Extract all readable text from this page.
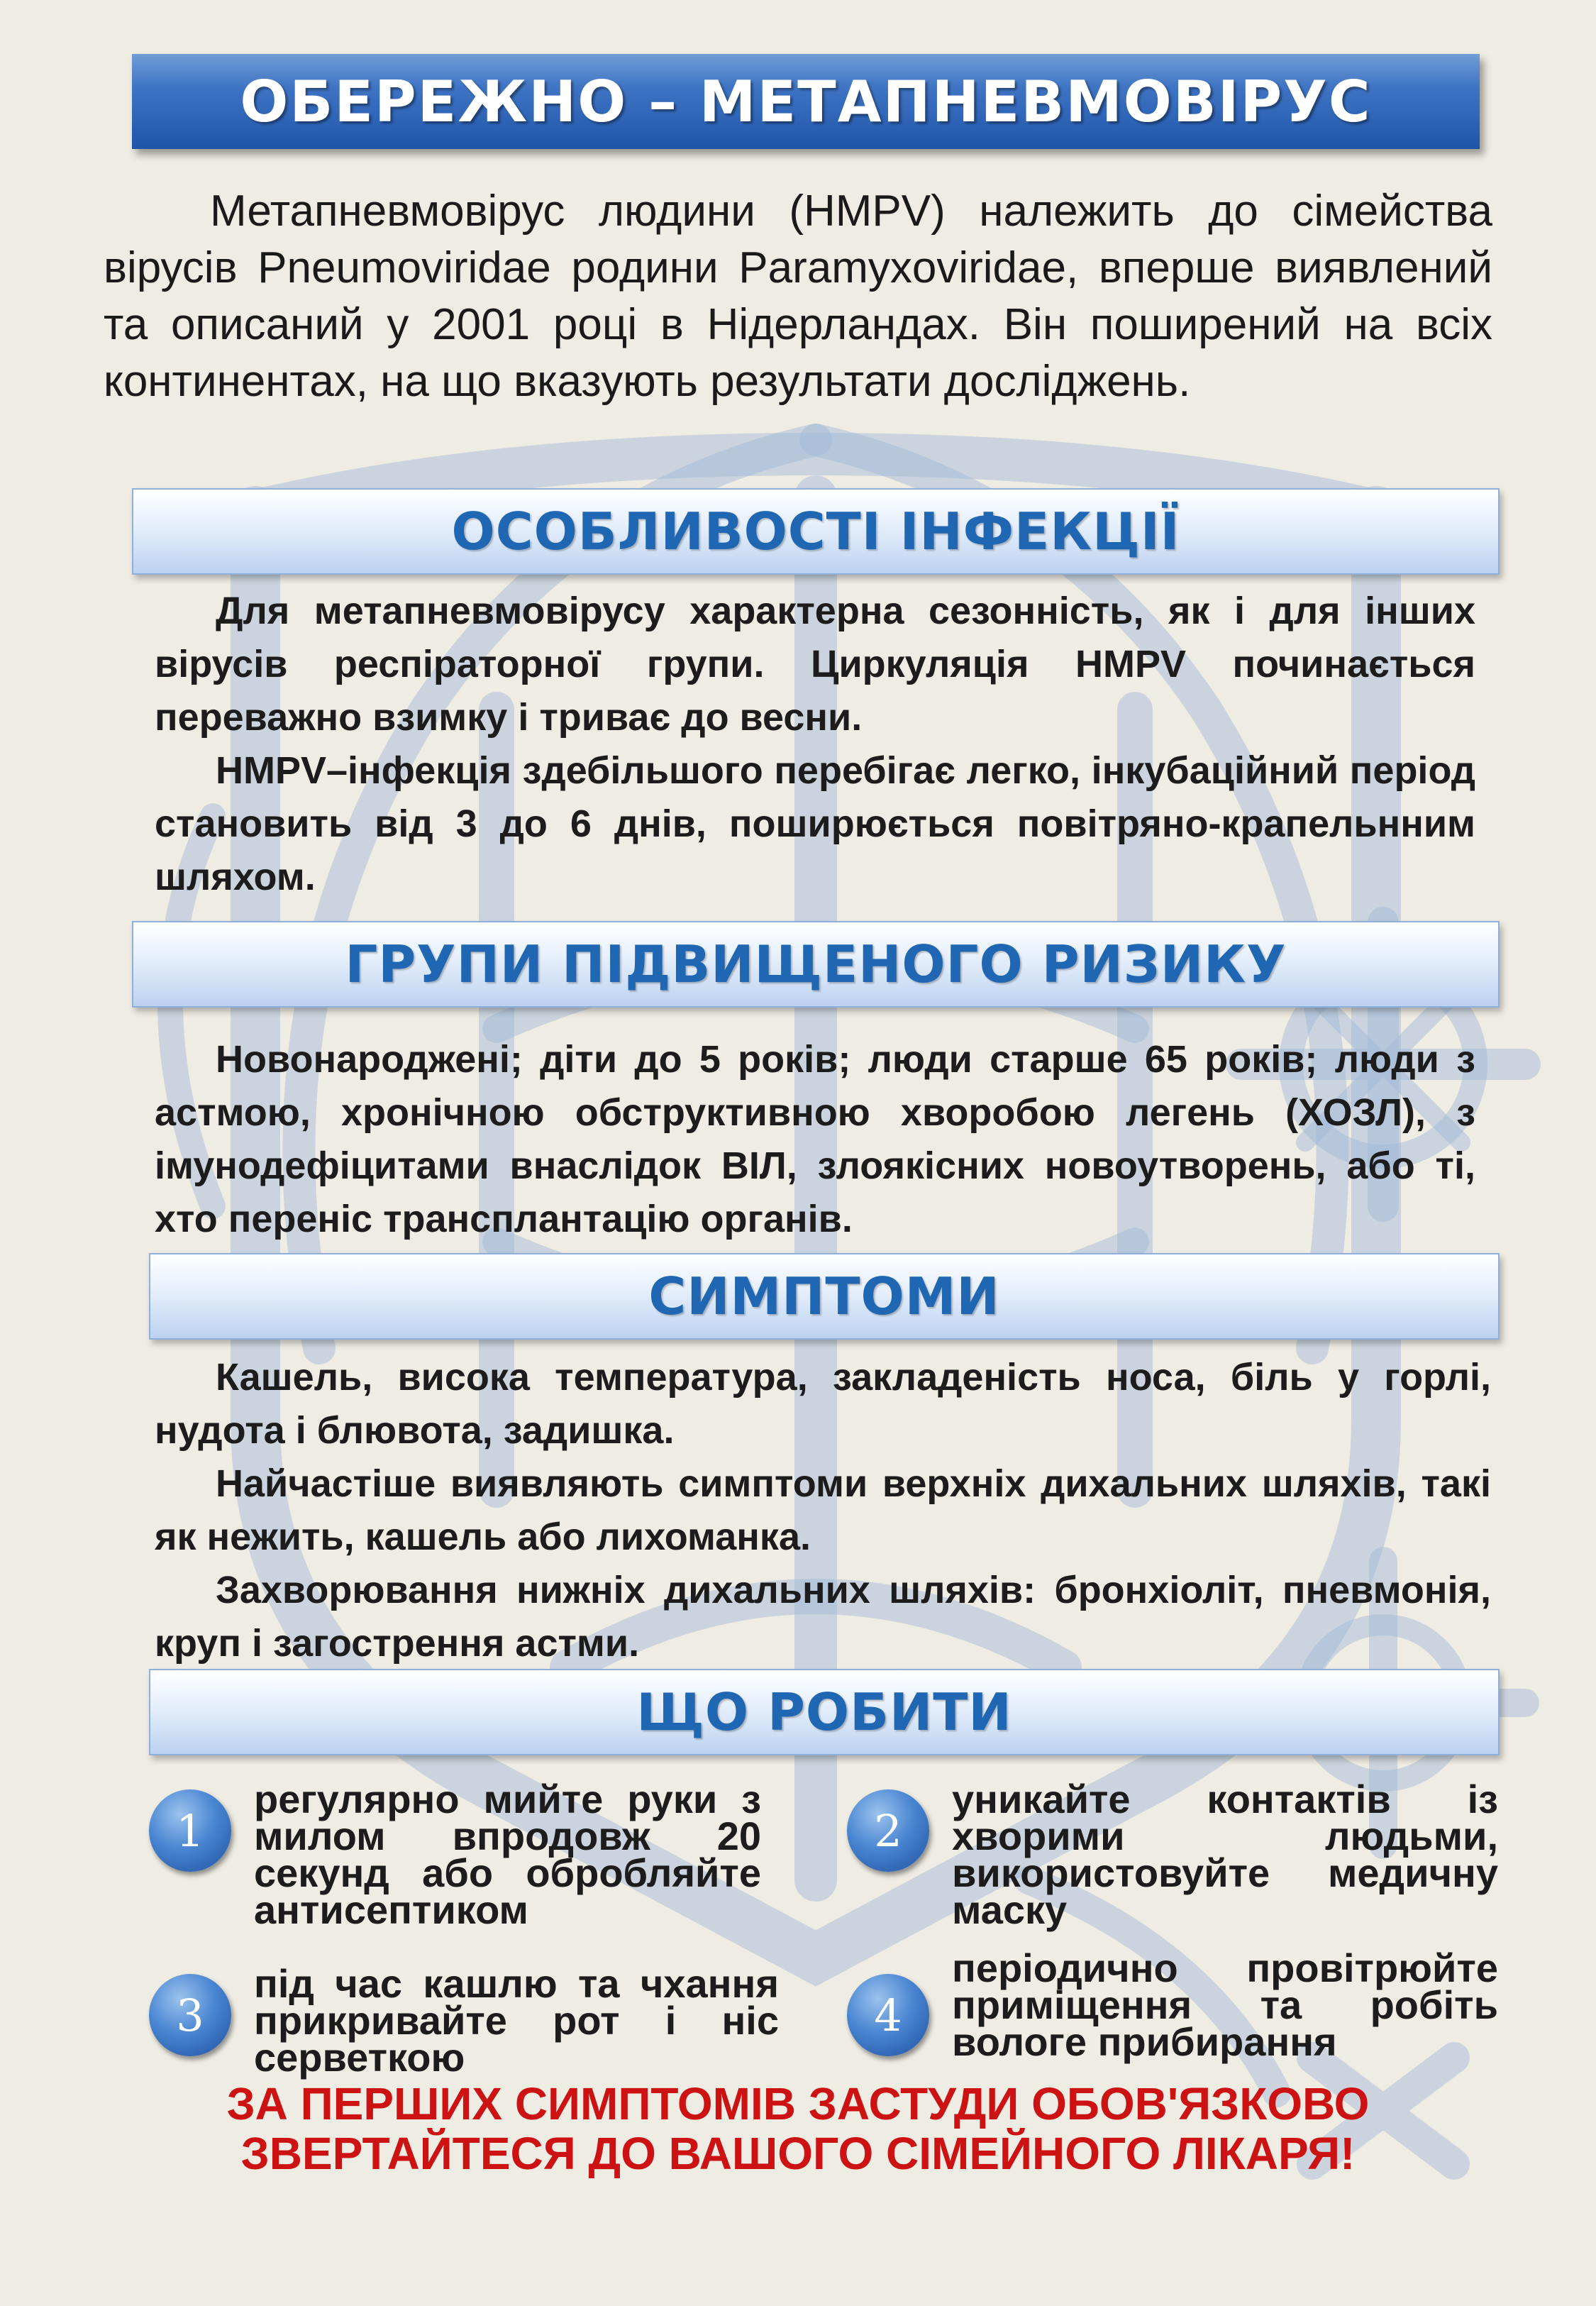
ОБЕРЕЖНО – МЕТАПНЕВМОВІРУС

Метапневмовірус людини (HMPV) належить до сімейства вірусів Pneumoviridae родини Paramyxoviridae, вперше виявлений та описаний у 2001 році в Нідерландах. Він поширений на всіх континентах, на що вказують результати досліджень.

ОСОБЛИВОСТІ ІНФЕКЦІЇ

Для метапневмовірусу характерна сезонність, як і для інших вірусів респіраторної групи. Циркуляція HMPV починається переважно взимку і триває до весни.

HMPV–інфекція здебільшого перебігає легко, інкубаційний період становить від 3 до 6 днів, поширюється повітряно-крапельнним шляхом.

ГРУПИ ПІДВИЩЕНОГО РИЗИКУ

Новонароджені; діти до 5 років; люди старше 65 років; люди з астмою, хронічною обструктивною хворобою легень (ХОЗЛ), з імунодефіцитами внаслідок ВІЛ, злоякісних новоутворень, або ті, хто переніс трансплантацію органів.

СИМПТОМИ

Кашель, висока температура, закладеність носа, біль у горлі, нудота і блювота, задишка.

Найчастіше виявляють симптоми верхніх дихальних шляхів, такі як нежить, кашель або лихоманка.

Захворювання нижніх дихальних шляхів: бронхіоліт, пневмонія, круп і загострення астми.

ЩО РОБИТИ
1
регулярно мийте руки з милом впродовж 20 секунд або обробляйте антисептиком
2
уникайте контактів із хворими людьми, використовуйте медичну маску
3
під час кашлю та чхання прикривайте рот і ніс серветкою
4
періодично провітрюйте приміщення та робіть вологе прибирання
ЗА ПЕРШИХ СИМПТОМІВ ЗАСТУДИ ОБОВ'ЯЗКОВО
ЗВЕРТАЙТЕСЯ ДО ВАШОГО СІМЕЙНОГО ЛІКАРЯ!
